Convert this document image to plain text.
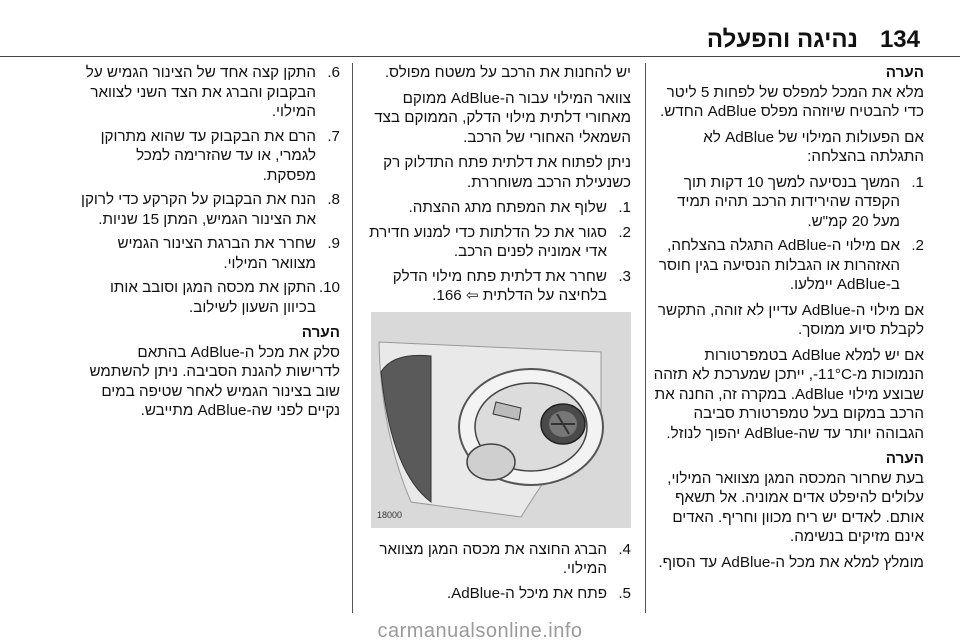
134
נהיגה והפעלה

הערה

מלא את המכל למפלס של לפחות 5 ליטר כדי להבטיח שיוזהה מפלס AdBlue החדש.

אם הפעולות המילוי של AdBlue לא התגלתה בהצלחה:

1.
המשך בנסיעה למשך 10 דקות תוך הקפדה שהירידות הרכב תהיה תמיד מעל 20 קמ"ש.
2.
אם מילוי ה-AdBlue התגלה בהצלחה, האזהרות או הגבלות הנסיעה בגין חוסר ב-AdBlue יימלעו.

אם מילוי ה-AdBlue עדיין לא זוהה, התקשר לקבלת סיוע ממוסך.

אם יש למלא AdBlue בטמפרטורות הנמוכות מ-11°C-, ייתכן שמערכת לא תזהה שבוצע מילוי AdBlue. במקרה זה, החנה את הרכב במקום בעל טמפרטורת סביבה הגבוהה יותר עד שה-AdBlue יהפוך לנוזל.

הערה

בעת שחרור המכסה המגן מצוואר המילוי, עלולים להיפלט אדים אמוניה. אל תשאף אותם. לאדים יש ריח מכוון וחריף. האדים אינם מזיקים בנשימה.

מומלץ למלא את מכל ה-AdBlue עד הסוף.

יש להחנות את הרכב על משטח מפולס.

צוואר המילוי עבור ה-AdBlue ממוקם מאחורי דלתית מילוי הדלק, הממוקם בצד השמאלי האחורי של הרכב.

ניתן לפתוח את דלתית פתח התדלוק רק כשנעילת הרכב משוחררת.

1.
שלוף את המפתח מתג ההצתה.
2.
סגור את כל הדלתות כדי למנוע חדירת אדי אמוניה לפנים הרכב.
3.
שחרר את דלתית פתח מילוי הדלק בלחיצה על הדלתית ⇦ 166.
18000
4.
הברג החוצה את מכסה המגן מצוואר המילוי.
5.
פתח את מיכל ה-AdBlue.
6.
התקן קצה אחד של הצינור הגמיש על הבקבוק והברג את הצד השני לצוואר המילוי.
7.
הרם את הבקבוק עד שהוא מתרוקן לגמרי, או עד שהזרימה למכל מפסקת.
8.
הנח את הבקבוק על הקרקע כדי לרוקן את הצינור הגמיש, המתן 15 שניות.
9.
שחרר את הברגת הצינור הגמיש מצוואר המילוי.
10.
התקן את מכסה המגן וסובב אותו בכיוון השעון לשילוב.

הערה

סלק את מכל ה-AdBlue בהתאם לדרישות להגנת הסביבה. ניתן להשתמש שוב בצינור הגמיש לאחר שטיפה במים נקיים לפני שה-AdBlue מתייבש.

carmanualsonline.info
